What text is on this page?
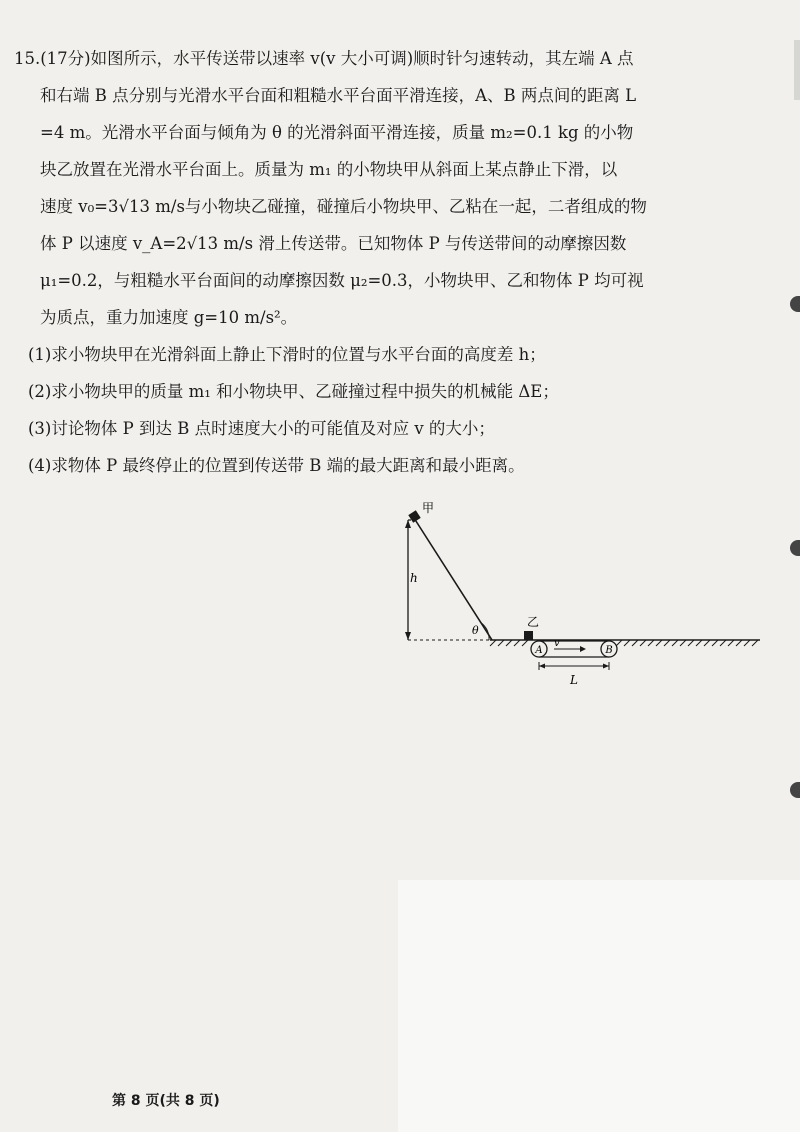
15.(17分)如图所示，水平传送带以速率 v(v 大小可调)顺时针匀速转动，其左端 A 点
和右端 B 点分别与光滑水平台面和粗糙水平台面平滑连接，A、B 两点间的距离 L
=4 m。光滑水平台面与倾角为 θ 的光滑斜面平滑连接，质量 m₂=0.1 kg 的小物
块乙放置在光滑水平台面上。质量为 m₁ 的小物块甲从斜面上某点静止下滑，以
速度 v₀=3√13 m/s与小物块乙碰撞，碰撞后小物块甲、乙粘在一起，二者组成的物
体 P 以速度 v_A=2√13 m/s 滑上传送带。已知物体 P 与传送带间的动摩擦因数
μ₁=0.2，与粗糙水平台面间的动摩擦因数 μ₂=0.3，小物块甲、乙和物体 P 均可视
为质点，重力加速度 g=10 m/s²。
(1)求小物块甲在光滑斜面上静止下滑时的位置与水平台面的高度差 h；
(2)求小物块甲的质量 m₁ 和小物块甲、乙碰撞过程中损失的机械能 ΔE；
(3)讨论物体 P 到达 B 点时速度大小的可能值及对应 v 的大小；
(4)求物体 P 最终停止的位置到传送带 B 端的最大距离和最小距离。
h
甲
θ
乙
A	B
v
L
第 8 页(共 8 页)
